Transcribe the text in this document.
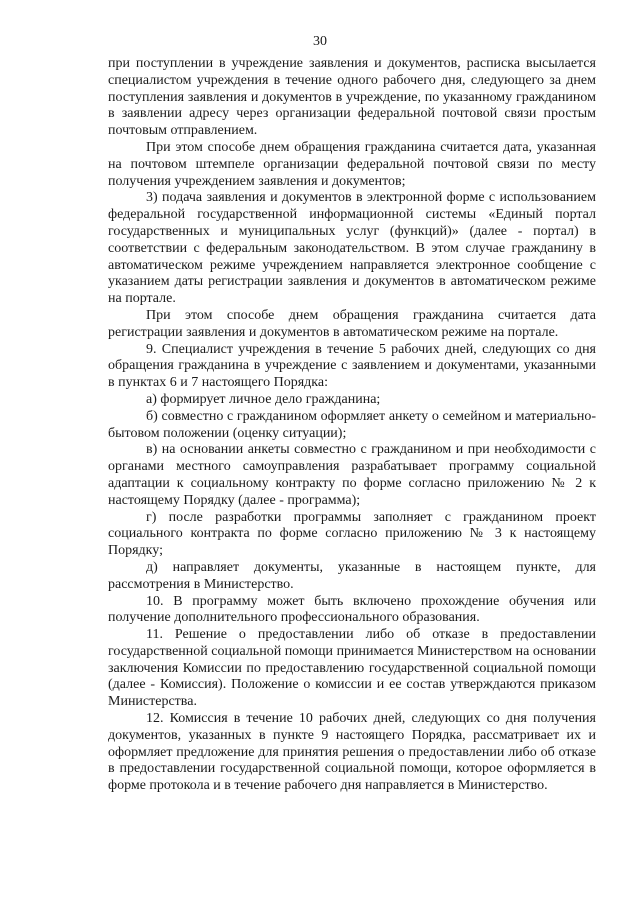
30

при поступлении в учреждение заявления и документов, расписка высылается специалистом учреждения в течение одного рабочего дня, следующего за днем поступления заявления и документов в учреждение, по указанному гражданином в заявлении адресу через организации федеральной почтовой связи простым почтовым отправлением.

При этом способе днем обращения гражданина считается дата, указанная на почтовом штемпеле организации федеральной почтовой связи по месту получения учреждением заявления и документов;

3) подача заявления и документов в электронной форме с использованием федеральной государственной информационной системы «Единый портал государственных и муниципальных услуг (функций)» (далее - портал) в соответствии с федеральным законодательством. В этом случае гражданину в автоматическом режиме учреждением направляется электронное сообщение с указанием даты регистрации заявления и документов в автоматическом режиме на портале.

При этом способе днем обращения гражданина считается дата регистрации заявления и документов в автоматическом режиме на портале.

9. Специалист учреждения в течение 5 рабочих дней, следующих со дня обращения гражданина в учреждение с заявлением и документами, указанными в пунктах 6 и 7 настоящего Порядка:

а) формирует личное дело гражданина;

б) совместно с гражданином оформляет анкету о семейном и материально-бытовом положении (оценку ситуации);

в) на основании анкеты совместно с гражданином и при необходимости с органами местного самоуправления разрабатывает программу социальной адаптации к социальному контракту по форме согласно приложению № 2 к настоящему Порядку (далее - программа);

г) после разработки программы заполняет с гражданином проект социального контракта по форме согласно приложению № 3 к настоящему Порядку;

д) направляет документы, указанные в настоящем пункте, для рассмотрения в Министерство.

10. В программу может быть включено прохождение обучения или получение дополнительного профессионального образования.

11. Решение о предоставлении либо об отказе в предоставлении государственной социальной помощи принимается Министерством на основании заключения Комиссии по предоставлению государственной социальной помощи (далее - Комиссия). Положение о комиссии и ее состав утверждаются приказом Министерства.

12. Комиссия в течение 10 рабочих дней, следующих со дня получения документов, указанных в пункте 9 настоящего Порядка, рассматривает их и оформляет предложение для принятия решения о предоставлении либо об отказе в предоставлении государственной социальной помощи, которое оформляется в форме протокола и в течение рабочего дня направляется в Министерство.
